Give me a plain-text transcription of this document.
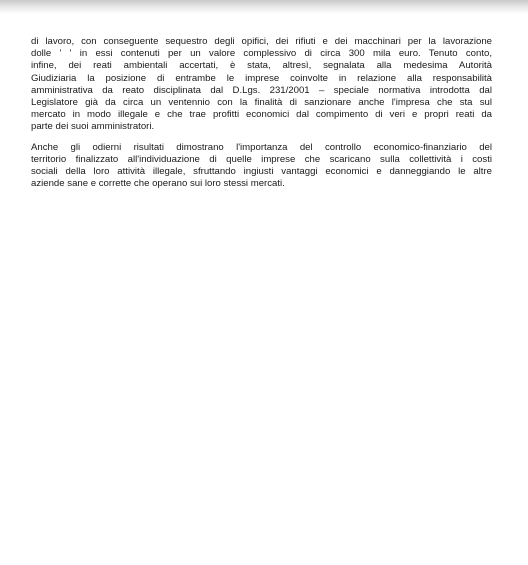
di lavoro, con conseguente sequestro degli opifici, dei rifiuti e dei macchinari per la lavorazione
dolle ' ' in essi contenuti per un valore complessivo di circa 300 mila euro. Tenuto conto,
infine, dei reati ambientali accertati, è stata, altresì, segnalata alla medesima Autorità
Giudiziaria la posizione di entrambe le imprese coinvolte in relazione alla responsabilità
amministrativa da reato disciplinata dal D.Lgs. 231/2001 – speciale normativa introdotta dal
Legislatore già da circa un ventennio con la finalità di sanzionare anche l'impresa che sta sul
mercato in modo illegale e che trae profitti economici dal compimento di veri e propri reati da
parte dei suoi amministratori.
Anche gli odierni risultati dimostrano l'importanza del controllo economico-finanziario del
territorio finalizzato all'individuazione di quelle imprese che scaricano sulla collettività i costi
sociali della loro attività illegale, sfruttando ingiusti vantaggi economici e danneggiando le altre
aziende sane e corrette che operano sui loro stessi mercati.
